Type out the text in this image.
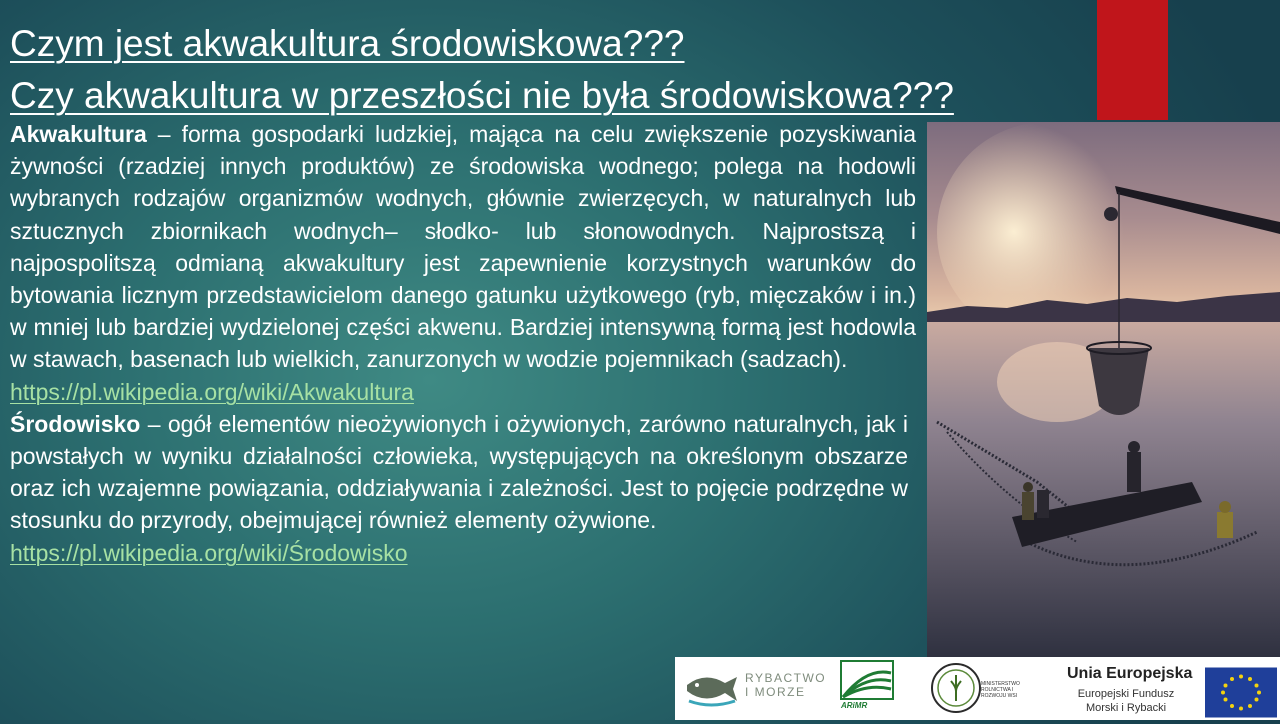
Czym jest akwakultura środowiskowa???
Czy akwakultura w przeszłości nie była środowiskowa???

Akwakultura – forma gospodarki ludzkiej, mająca na celu zwiększenie pozyskiwania żywności (rzadziej innych produktów) ze środowiska wodnego; polega na hodowli wybranych rodzajów organizmów wodnych, głównie zwierzęcych, w naturalnych lub sztucznych zbiornikach wodnych– słodko- lub słonowodnych. Najprostszą i najpospolitszą odmianą akwakultury jest zapewnienie korzystnych warunków do bytowania licznym przedstawicielom danego gatunku użytkowego (ryb, mięczaków i in.) w mniej lub bardziej wydzielonej części akwenu. Bardziej intensywną formą jest hodowla w stawach, basenach lub wielkich, zanurzonych w wodzie pojemnikach (sadzach).

https://pl.wikipedia.org/wiki/Akwakultura

Środowisko – ogół elementów nieożywionych i ożywionych, zarówno naturalnych, jak i powstałych w wyniku działalności człowieka, występujących na określonym obszarze oraz ich wzajemne powiązania, oddziaływania i zależności. Jest to pojęcie podrzędne w stosunku do przyrody, obejmującej również elementy ożywione.

https://pl.wikipedia.org/wiki/Środowisko
RYBACTWO I MORZE
ARiMR
MINISTERSTWO ROLNICTWA I ROZWOJU WSI
Unia Europejska
Europejski Fundusz Morski i Rybacki
